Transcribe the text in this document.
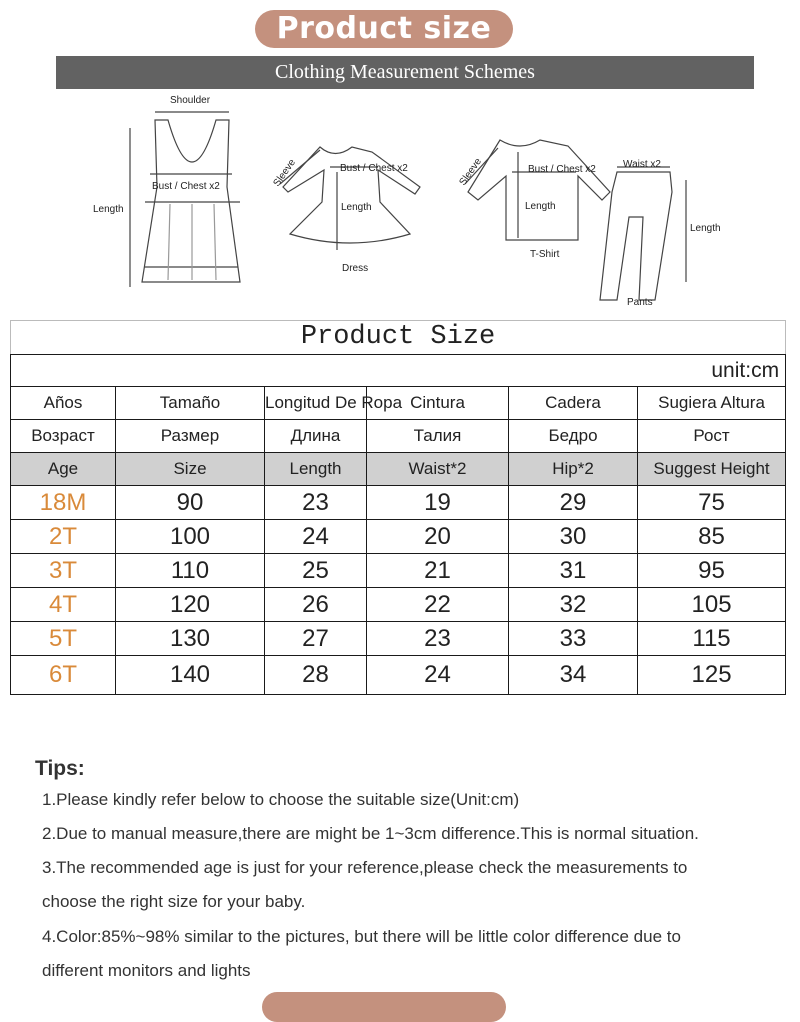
Product size
Clothing Measurement Schemes
Shoulder
Bust / Chest x2
Length
Sleeve	Bust / Chest x2
Length
Dress
Sleeve	Bust / Chest x2
Length
T-Shirt
Waist x2
Length
Pants
Product Size					
unit:cm					
Años	Tamaño	Longitud De Ropa	Cintura	Cadera	Sugiera Altura
Возраст	Размер	Длина	Талия	Бедро	Рост
Age	Size	Length	Waist*2	Hip*2	Suggest Height
18M	90	23	19	29	75
2T	100	24	20	30	85
3T	110	25	21	31	95
4T	120	26	22	32	105
5T	130	27	23	33	115
6T	140	28	24	34	125
Tips:
1.Please kindly refer below to choose the suitable size(Unit:cm)
2.Due to manual measure,there are might be 1~3cm difference.This is normal situation.
3.The recommended age is just for your reference,please check the measurements to
choose the right size for your baby.
4.Color:85%~98% similar to the pictures, but there will be little color difference due to
different monitors and lights
